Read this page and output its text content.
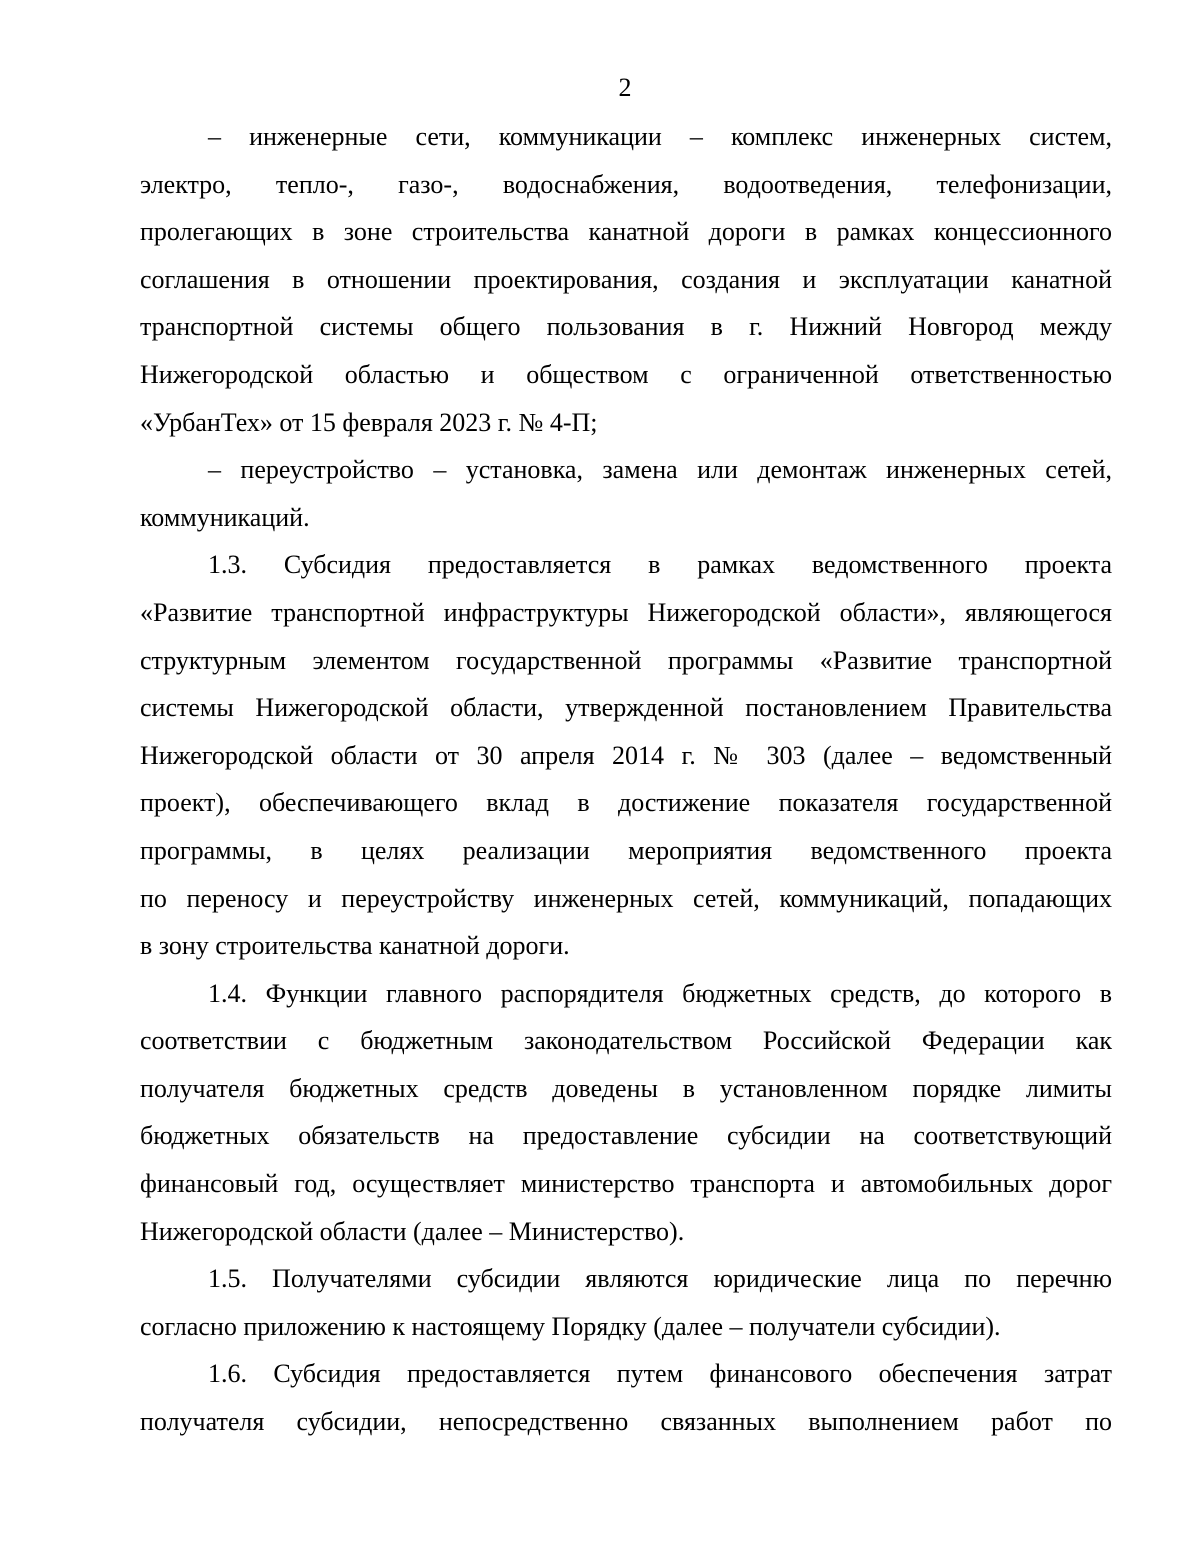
2
– инженерные сети, коммуникации – комплекс инженерных систем,
электро, тепло-, газо-, водоснабжения, водоотведения, телефонизации,
пролегающих в зоне строительства канатной дороги в рамках концессионного
соглашения в отношении проектирования, создания и эксплуатации канатной
транспортной системы общего пользования в г. Нижний Новгород между
Нижегородской областью и обществом с ограниченной ответственностью
«УрбанТех» от 15 февраля 2023 г. № 4-П;
– переустройство – установка, замена или демонтаж инженерных сетей,
коммуникаций.
1.3. Субсидия предоставляется в рамках ведомственного проекта
«Развитие транспортной инфраструктуры Нижегородской области», являющегося
структурным элементом государственной программы «Развитие транспортной
системы Нижегородской области, утвержденной постановлением Правительства
Нижегородской области от 30 апреля 2014 г. № 303 (далее – ведомственный
проект), обеспечивающего вклад в достижение показателя государственной
программы, в целях реализации мероприятия ведомственного проекта
по переносу и переустройству инженерных сетей, коммуникаций, попадающих
в зону строительства канатной дороги.
1.4. Функции главного распорядителя бюджетных средств, до которого в
соответствии с бюджетным законодательством Российской Федерации как
получателя бюджетных средств доведены в установленном порядке лимиты
бюджетных обязательств на предоставление субсидии на соответствующий
финансовый год, осуществляет министерство транспорта и автомобильных дорог
Нижегородской области (далее – Министерство).
1.5. Получателями субсидии являются юридические лица по перечню
согласно приложению к настоящему Порядку (далее – получатели субсидии).
1.6. Субсидия предоставляется путем финансового обеспечения затрат
получателя субсидии, непосредственно связанных выполнением работ по
